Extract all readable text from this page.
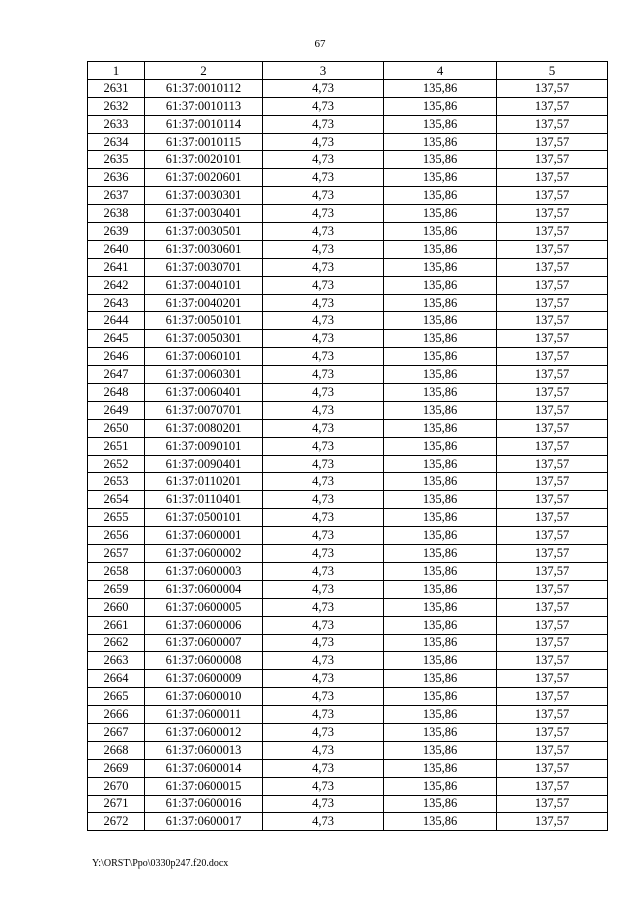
67
1	2	3	4	5
2631	61:37:0010112	4,73	135,86	137,57
2632	61:37:0010113	4,73	135,86	137,57
2633	61:37:0010114	4,73	135,86	137,57
2634	61:37:0010115	4,73	135,86	137,57
2635	61:37:0020101	4,73	135,86	137,57
2636	61:37:0020601	4,73	135,86	137,57
2637	61:37:0030301	4,73	135,86	137,57
2638	61:37:0030401	4,73	135,86	137,57
2639	61:37:0030501	4,73	135,86	137,57
2640	61:37:0030601	4,73	135,86	137,57
2641	61:37:0030701	4,73	135,86	137,57
2642	61:37:0040101	4,73	135,86	137,57
2643	61:37:0040201	4,73	135,86	137,57
2644	61:37:0050101	4,73	135,86	137,57
2645	61:37:0050301	4,73	135,86	137,57
2646	61:37:0060101	4,73	135,86	137,57
2647	61:37:0060301	4,73	135,86	137,57
2648	61:37:0060401	4,73	135,86	137,57
2649	61:37:0070701	4,73	135,86	137,57
2650	61:37:0080201	4,73	135,86	137,57
2651	61:37:0090101	4,73	135,86	137,57
2652	61:37:0090401	4,73	135,86	137,57
2653	61:37:0110201	4,73	135,86	137,57
2654	61:37:0110401	4,73	135,86	137,57
2655	61:37:0500101	4,73	135,86	137,57
2656	61:37:0600001	4,73	135,86	137,57
2657	61:37:0600002	4,73	135,86	137,57
2658	61:37:0600003	4,73	135,86	137,57
2659	61:37:0600004	4,73	135,86	137,57
2660	61:37:0600005	4,73	135,86	137,57
2661	61:37:0600006	4,73	135,86	137,57
2662	61:37:0600007	4,73	135,86	137,57
2663	61:37:0600008	4,73	135,86	137,57
2664	61:37:0600009	4,73	135,86	137,57
2665	61:37:0600010	4,73	135,86	137,57
2666	61:37:0600011	4,73	135,86	137,57
2667	61:37:0600012	4,73	135,86	137,57
2668	61:37:0600013	4,73	135,86	137,57
2669	61:37:0600014	4,73	135,86	137,57
2670	61:37:0600015	4,73	135,86	137,57
2671	61:37:0600016	4,73	135,86	137,57
2672	61:37:0600017	4,73	135,86	137,57
Y:\ORST\Ppo\0330p247.f20.docx
